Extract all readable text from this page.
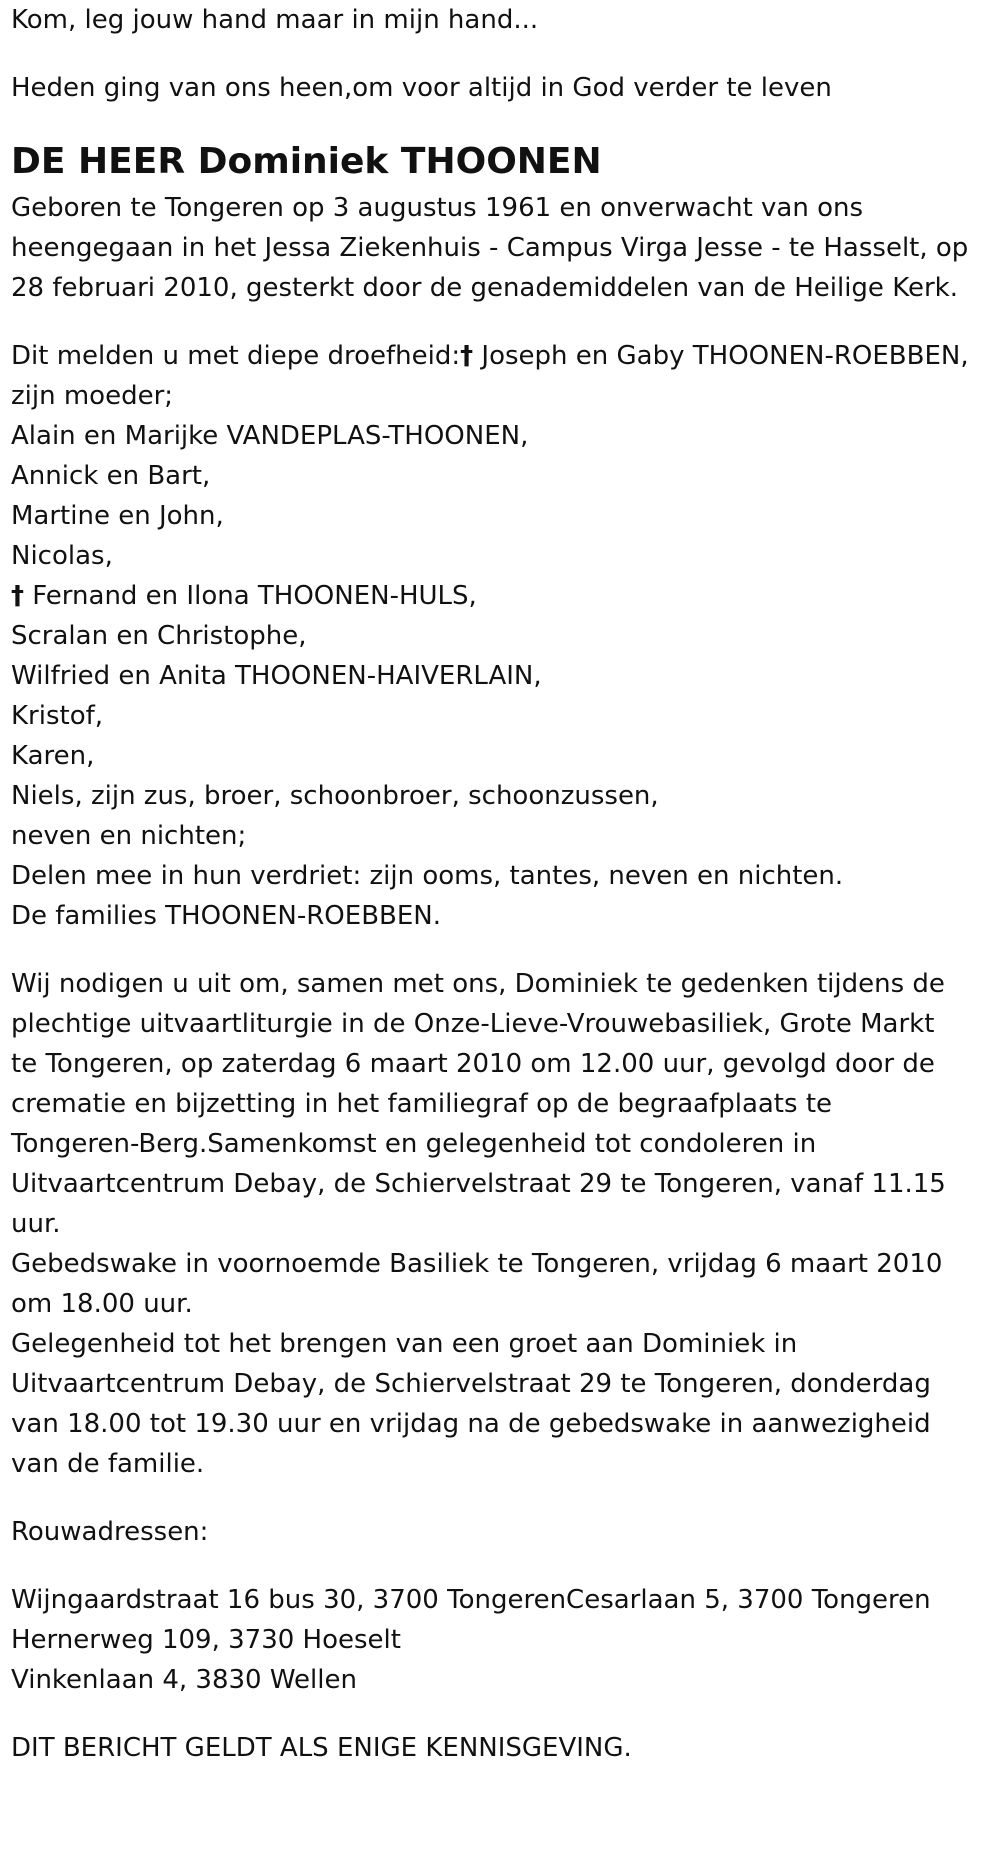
Kom, leg jouw hand maar in mijn hand...
Heden ging van ons heen,om voor altijd in God verder te leven
DE HEER Dominiek THOONEN
Geboren te Tongeren op 3 augustus 1961 en onverwacht van ons
heengegaan in het Jessa Ziekenhuis - Campus Virga Jesse - te Hasselt, op
28 februari 2010, gesterkt door de genademiddelen van de Heilige Kerk.
Dit melden u met diepe droefheid:† Joseph en Gaby THOONEN-ROEBBEN,
zijn moeder;
Alain en Marijke VANDEPLAS-THOONEN,
Annick en Bart,
Martine en John,
Nicolas,
† Fernand en Ilona THOONEN-HULS,
Scralan en Christophe,
Wilfried en Anita THOONEN-HAIVERLAIN,
Kristof,
Karen,
Niels, zijn zus, broer, schoonbroer, schoonzussen,
neven en nichten;
Delen mee in hun verdriet: zijn ooms, tantes, neven en nichten.
De families THOONEN-ROEBBEN.
Wij nodigen u uit om, samen met ons, Dominiek te gedenken tijdens de
plechtige uitvaartliturgie in de Onze-Lieve-Vrouwebasiliek, Grote Markt
te Tongeren, op zaterdag 6 maart 2010 om 12.00 uur, gevolgd door de
crematie en bijzetting in het familiegraf op de begraafplaats te
Tongeren-Berg.Samenkomst en gelegenheid tot condoleren in
Uitvaartcentrum Debay, de Schiervelstraat 29 te Tongeren, vanaf 11.15
uur.
Gebedswake in voornoemde Basiliek te Tongeren, vrijdag 6 maart 2010
om 18.00 uur.
Gelegenheid tot het brengen van een groet aan Dominiek in
Uitvaartcentrum Debay, de Schiervelstraat 29 te Tongeren, donderdag
van 18.00 tot 19.30 uur en vrijdag na de gebedswake in aanwezigheid
van de familie.
Rouwadressen:
Wijngaardstraat 16 bus 30, 3700 TongerenCesarlaan 5, 3700 Tongeren
Hernerweg 109, 3730 Hoeselt
Vinkenlaan 4, 3830 Wellen
DIT BERICHT GELDT ALS ENIGE KENNISGEVING.
